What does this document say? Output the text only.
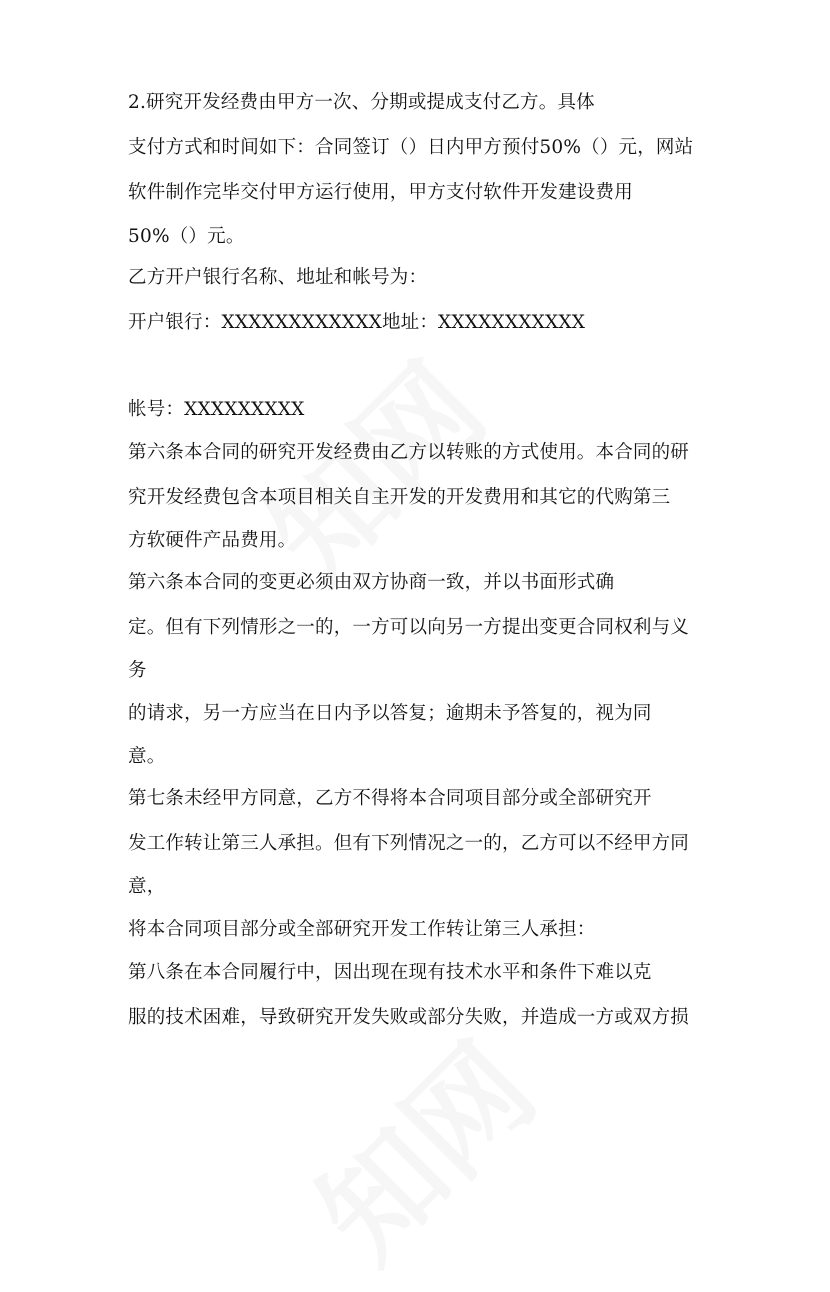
2.研究开发经费由甲方一次、分期或提成支付乙方。具体
支付方式和时间如下：合同签订（）日内甲方预付50%（）元，网站
软件制作完毕交付甲方运行使用，甲方支付软件开发建设费用
50%（）元。
乙方开户银行名称、地址和帐号为：
开户银行：XXXXXXXXXXXX地址：XXXXXXXXXXX
帐号：XXXXXXXXX
第六条本合同的研究开发经费由乙方以转账的方式使用。本合同的研
究开发经费包含本项目相关自主开发的开发费用和其它的代购第三
方软硬件产品费用。
第六条本合同的变更必须由双方协商一致，并以书面形式确
定。但有下列情形之一的，一方可以向另一方提出变更合同权利与义
务
的请求，另一方应当在日内予以答复；逾期未予答复的，视为同
意。
第七条未经甲方同意，乙方不得将本合同项目部分或全部研究开
发工作转让第三人承担。但有下列情况之一的，乙方可以不经甲方同
意，
将本合同项目部分或全部研究开发工作转让第三人承担：
第八条在本合同履行中，因出现在现有技术水平和条件下难以克
服的技术困难，导致研究开发失败或部分失败，并造成一方或双方损
